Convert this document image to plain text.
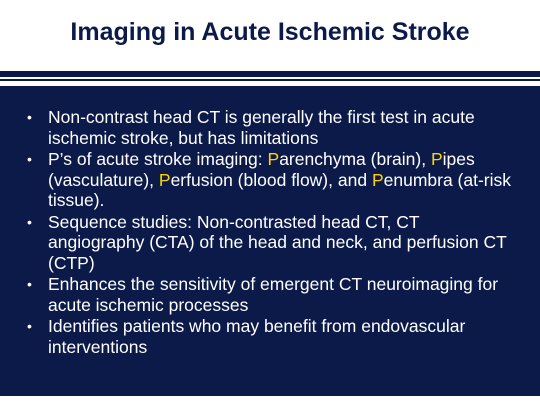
Imaging in Acute Ischemic Stroke
• Non-contrast head CT is generally the first test in acute ischemic stroke, but has limitations
• P’s of acute stroke imaging: Parenchyma (brain), Pipes (vasculature), Perfusion (blood flow), and Penumbra (at-risk tissue).
• Sequence studies: Non-contrasted head CT, CT angiography (CTA) of the head and neck, and perfusion CT (CTP)
• Enhances the sensitivity of emergent CT neuroimaging for acute ischemic processes
• Identifies patients who may benefit from endovascular interventions
